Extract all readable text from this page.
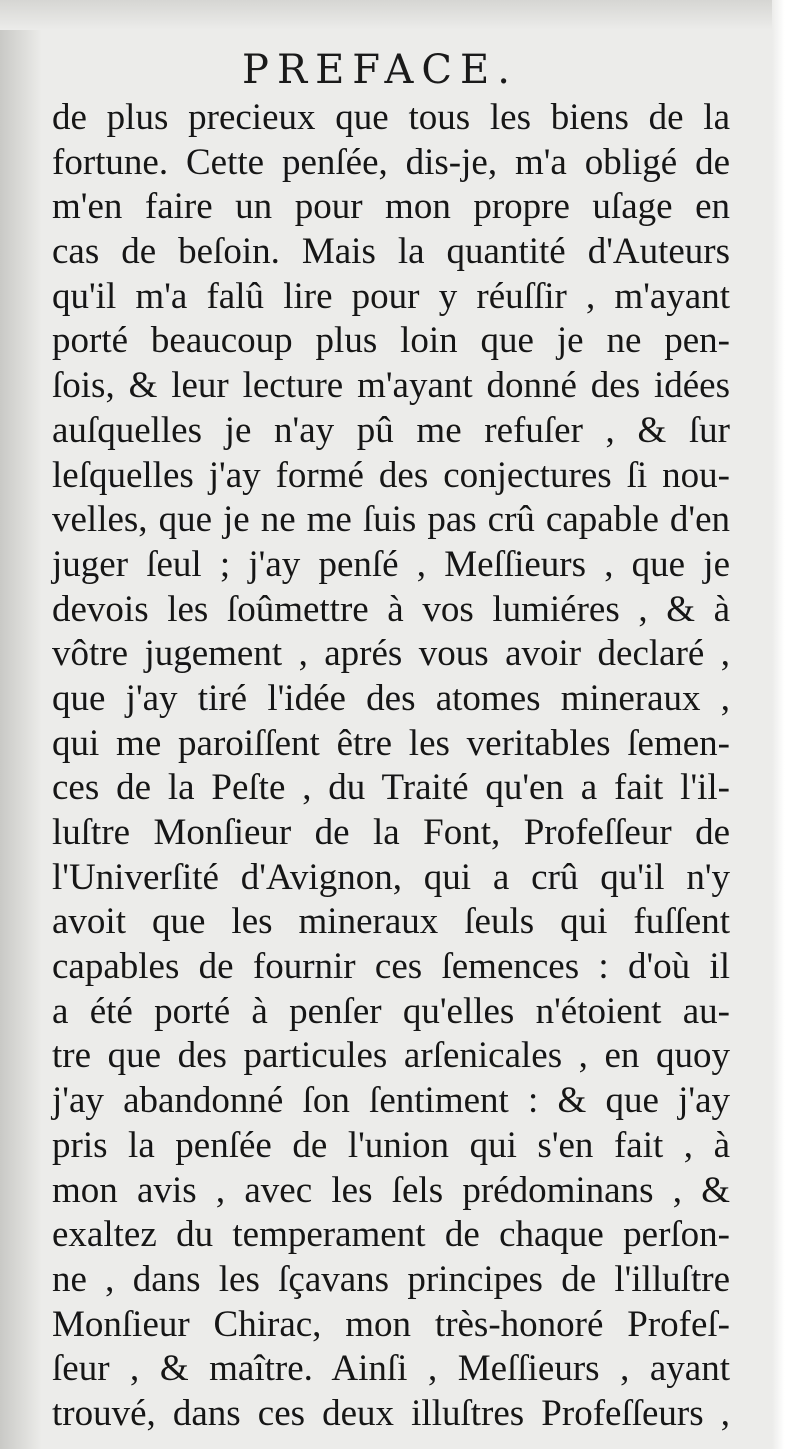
PREFACE.
de plus precieux que tous les biens de la
fortune. Cette penſée, dis-je, m'a obligé de
m'en faire un pour mon propre uſage en
cas de beſoin. Mais la quantité d'Auteurs
qu'il m'a falû lire pour y réuſſir , m'ayant
porté beaucoup plus loin que je ne pen-
ſois, & leur lecture m'ayant donné des idées
auſquelles je n'ay pû me refuſer , & ſur
leſquelles j'ay formé des conjectures ſi nou-
velles, que je ne me ſuis pas crû capable d'en
juger ſeul ; j'ay penſé , Meſſieurs , que je
devois les ſoûmettre à vos lumiéres , & à
vôtre jugement , aprés vous avoir declaré ,
que j'ay tiré l'idée des atomes mineraux ,
qui me paroiſſent être les veritables ſemen-
ces de la Peſte , du Traité qu'en a fait l'il-
luſtre Monſieur de la Font, Profeſſeur de
l'Univerſité d'Avignon, qui a crû qu'il n'y
avoit que les mineraux ſeuls qui fuſſent
capables de fournir ces ſemences : d'où il
a été porté à penſer qu'elles n'étoient au-
tre que des particules arſenicales , en quoy
j'ay abandonné ſon ſentiment : & que j'ay
pris la penſée de l'union qui s'en fait , à
mon avis , avec les ſels prédominans , &
exaltez du temperament de chaque perſon-
ne , dans les ſçavans principes de l'illuſtre
Monſieur Chirac, mon très-honoré Profeſ-
ſeur , & maître. Ainſi , Meſſieurs , ayant
trouvé, dans ces deux illuſtres Profeſſeurs ,
